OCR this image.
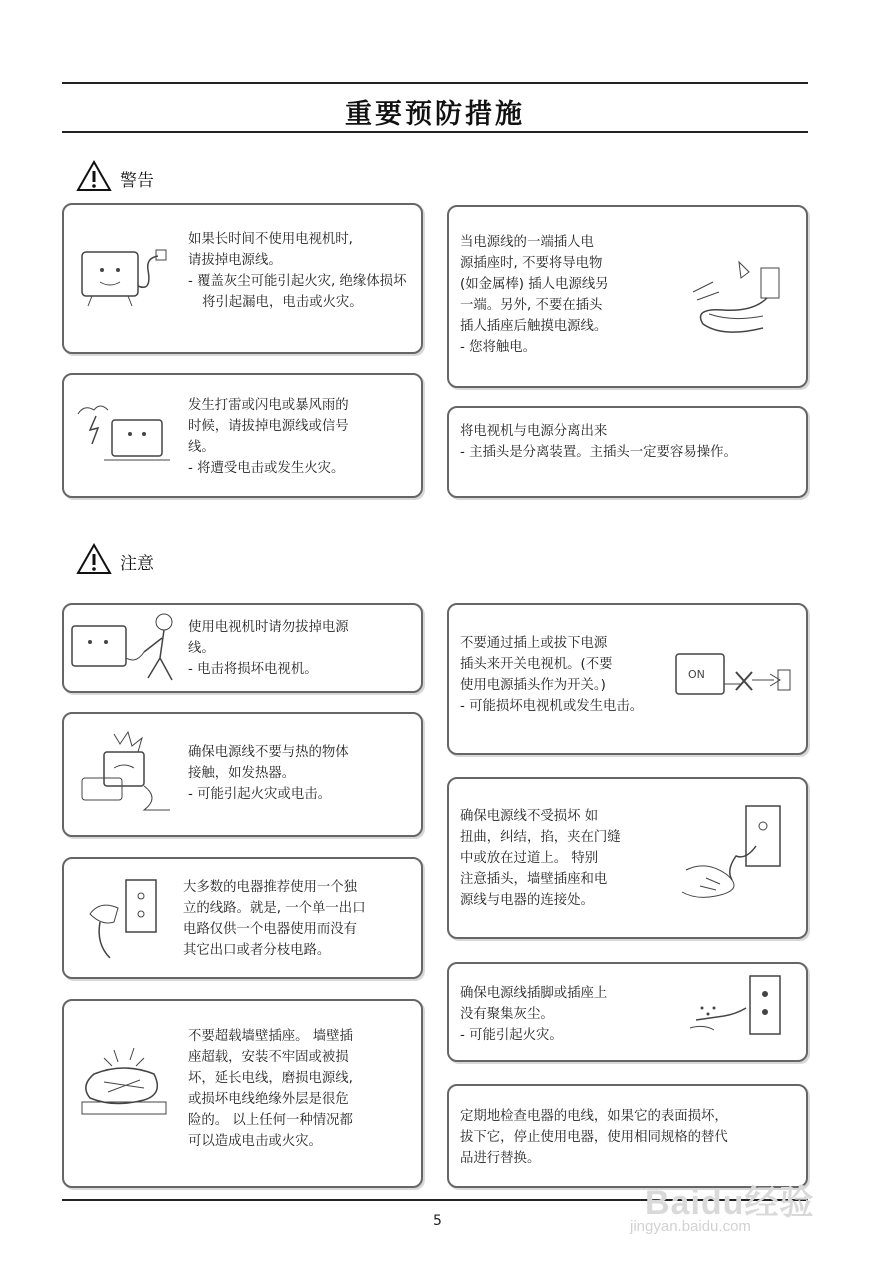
重要预防措施
警告
如果长时间不使用电视机时,
请拔掉电源线。
- 覆盖灰尘可能引起火灾, 绝缘体损坏将引起漏电，电击或火灾。
发生打雷或闪电或暴风雨的
时候，请拔掉电源线或信号
线。
- 将遭受电击或发生火灾。
当电源线的一端插人电
源插座时, 不要将导电物
(如金属棒) 插人电源线另
一端。另外, 不要在插头
插人插座后触摸电源线。
- 您将触电。
将电视机与电源分离出来
- 主插头是分离装置。主插头一定要容易操作。
注意
使用电视机时请勿拔掉电源
线。
- 电击将损坏电视机。
确保电源线不要与热的物体
接触，如发热器。
- 可能引起火灾或电击。
大多数的电器推荐使用一个独
立的线路。就是, 一个单一出口
电路仅供一个电器使用而没有
其它出口或者分枝电路。
不要超载墙壁插座。 墙壁插
座超载，安装不牢固或被损
坏，延长电线，磨损电源线,
或损坏电线绝缘外层是很危
险的。 以上任何一种情况都
可以造成电击或火灾。
不要通过插上或拔下电源
插头来开关电视机。(不要
使用电源插头作为开关。)
- 可能损坏电视机或发生电击。
ON
确保电源线不受损坏 如
扭曲，纠结，掐，夹在门缝
中或放在过道上。 特别
注意插头，墙壁插座和电
源线与电器的连接处。
确保电源线插脚或插座上
没有聚集灰尘。
- 可能引起火灾。
定期地检查电器的电线，如果它的表面损坏，
拔下它，停止使用电器，使用相同规格的替代
品进行替换。
5	Baidu经验
jingyan.baidu.com
